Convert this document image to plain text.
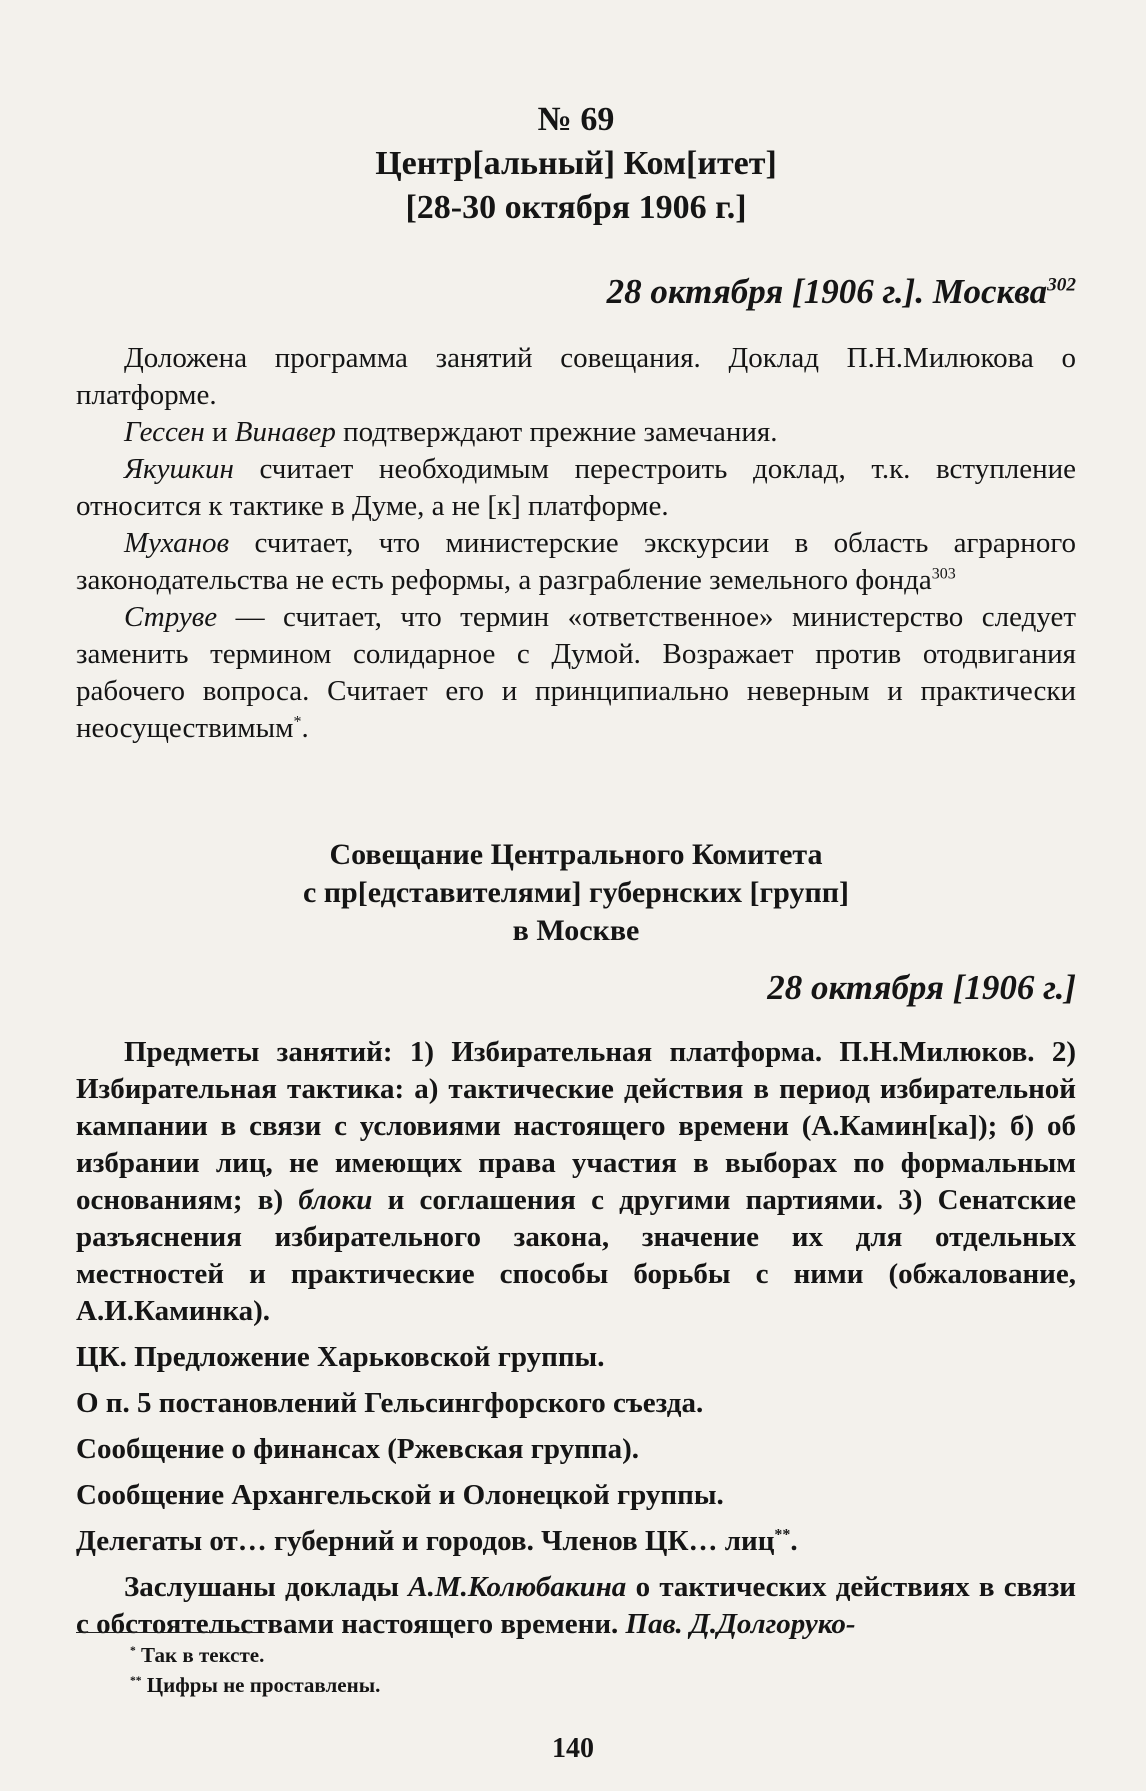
№ 69
Центр[альный] Ком[итет]
[28-30 октября 1906 г.]
28 октября [1906 г.]. Москва$^{302}$
Доложена программа занятий совещания. Доклад П.Н.Милюкова о платформе.
Гессен и Винавер подтверждают прежние замечания.
Якушкин считает необходимым перестроить доклад, т.к. вступление относится к тактике в Думе, а не [к] платформе.
Муханов считает, что министерские экскурсии в область аграрного законодательства не есть реформы, а разграбление земельного фонда$^{303}$
Струве — считает, что термин «ответственное» министерство следует заменить термином солидарное с Думой. Возражает против отодвигания рабочего вопроса. Считает его и принципиально неверным и практически неосуществимым*.
Совещание Центрального Комитета
с пр[едставителями] губернских [групп]
в Москве
28 октября [1906 г.]
Предметы занятий: 1) Избирательная платформа. П.Н.Милюков. 2) Избирательная тактика: а) тактические действия в период избирательной кампании в связи с условиями настоящего времени (А.Камин[ка]); б) об избрании лиц, не имеющих права участия в выборах по формальным основаниям; в) блоки и соглашения с другими партиями. 3) Сенатские разъяснения избирательного закона, значение их для отдельных местностей и практические способы борьбы с ними (обжалование, А.И.Каминка).
ЦК. Предложение Харьковской группы.
О п. 5 постановлений Гельсингфорского съезда.
Сообщение о финансах (Ржевская группа).
Сообщение Архангельской и Олонецкой группы.
Делегаты от… губерний и городов. Членов ЦК… лиц**.
Заслушаны доклады А.М.Колюбакина о тактических действиях в связи с обстоятельствами настоящего времени. Пав. Д.Долгоруко-
* Так в тексте.
** Цифры не проставлены.
140
